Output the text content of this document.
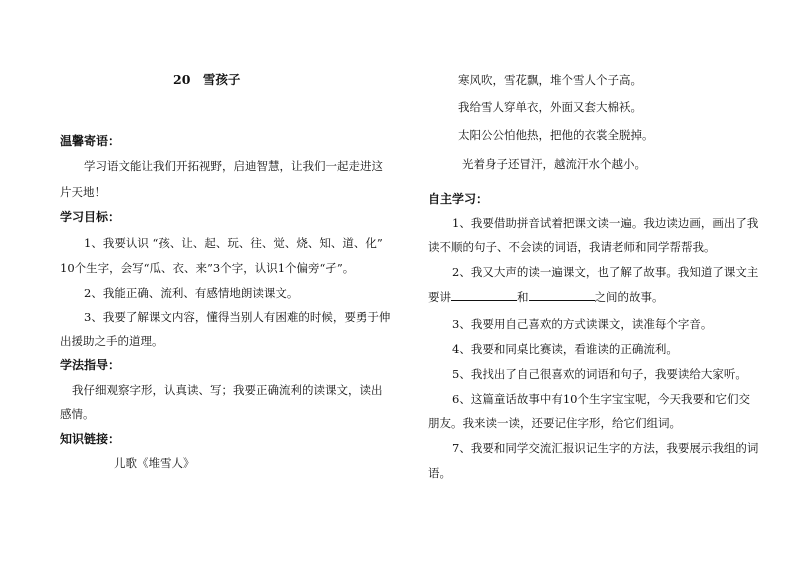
20　雪孩子
温馨寄语：
学习语文能让我们开拓视野，启迪智慧，让我们一起走进这
片天地！
学习目标：
1、我要认识 “孩、让、起、玩、往、觉、烧、知、道、化”
10个生字，会写“瓜、衣、来”3个字，认识1个偏旁“孑”。
2、我能正确、流利、有感情地朗读课文。
3、我要了解课文内容，懂得当别人有困难的时候，要勇于伸
出援助之手的道理。
学法指导：
我仔细观察字形，认真读、写；我要正确流利的读课文，读出
感情。
知识链接：
儿歌《堆雪人》
寒风吹，雪花飘，堆个雪人个子高。
我给雪人穿单衣，外面又套大棉袄。
太阳公公怕他热，把他的衣裳全脱掉。
光着身子还冒汗，越流汗水个越小。
自主学习：
1、我要借助拼音试着把课文读一遍。我边读边画，画出了我
读不顺的句子、不会读的词语，我请老师和同学帮帮我。
2、我又大声的读一遍课文，也了解了故事。我知道了课文主
要讲	和	之间的故事。
3、我要用自己喜欢的方式读课文，读准每个字音。
4、我要和同桌比赛读，看谁读的正确流利。
5、我找出了自己很喜欢的词语和句子，我要读给大家听。
6、这篇童话故事中有10个生字宝宝呢，今天我要和它们交
朋友。我来读一读，还要记住字形，给它们组词。
7、我要和同学交流汇报识记生字的方法，我要展示我组的词
语。
